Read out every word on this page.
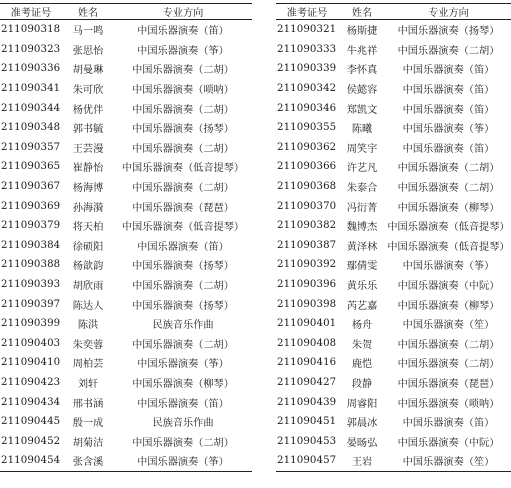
准考证号	姓名	专业方向
211090318	马一鸣	中国乐器演奏（笛）
211090323	张思怡	中国乐器演奏（筝）
211090336	胡曼琳	中国乐器演奏（二胡）
211090341	朱可欣	中国乐器演奏（唢呐）
211090344	杨优伴	中国乐器演奏（二胡）
211090348	郭书毓	中国乐器演奏（扬琴）
211090357	王芸漫	中国乐器演奏（二胡）
211090365	崔静怡	中国乐器演奏（低音提琴）
211090367	杨海博	中国乐器演奏（二胡）
211090369	孙海漪	中国乐器演奏（琵琶）
211090379	将天柏	中国乐器演奏（低音提琴）
211090384	徐硕阳	中国乐器演奏（笛）
211090388	杨歆韵	中国乐器演奏（扬琴）
211090393	胡欣雨	中国乐器演奏（二胡）
211090397	陈达人	中国乐器演奏（扬琴）
211090399	陈洪	民族音乐作曲
211090403	朱奕蓉	中国乐器演奏（二胡）
211090410	周柏芸	中国乐器演奏（筝）
211090423	刘轩	中国乐器演奏（柳琴）
211090434	邢书涵	中国乐器演奏（笛）
211090445	殷一成	民族音乐作曲
211090452	胡菊洁	中国乐器演奏（二胡）
211090454	张含溪	中国乐器演奏（筝）
准考证号	姓名	专业方向
211090321	杨斯捷	中国乐器演奏（扬琴）
211090333	牛兆祥	中国乐器演奏（二胡）
211090339	李怀真	中国乐器演奏（笛）
211090342	侯懿容	中国乐器演奏（笛）
211090346	郑凯文	中国乐器演奏（笛）
211090355	陈曦	中国乐器演奏（筝）
211090362	周笑宇	中国乐器演奏（笛）
211090366	许艺凡	中国乐器演奏（二胡）
211090368	朱泰合	中国乐器演奏（二胡）
211090370	冯衍菁	中国乐器演奏（柳琴）
211090382	魏博杰	中国乐器演奏（低音提琴）
211090387	黄泽林	中国乐器演奏（低音提琴）
211090392	鄢倩雯	中国乐器演奏（筝）
211090396	黄乐乐	中国乐器演奏（中阮）
211090398	芮艺嘉	中国乐器演奏（柳琴）
211090401	杨舟	中国乐器演奏（笙）
211090408	朱贺	中国乐器演奏（二胡）
211090416	鹿恺	中国乐器演奏（二胡）
211090427	段静	中国乐器演奏（琵琶）
211090439	周睿阳	中国乐器演奏（唢呐）
211090451	郭晨冰	中国乐器演奏（笛）
211090453	晏旸弘	中国乐器演奏（中阮）
211090457	王岩	中国乐器演奏（笙）
